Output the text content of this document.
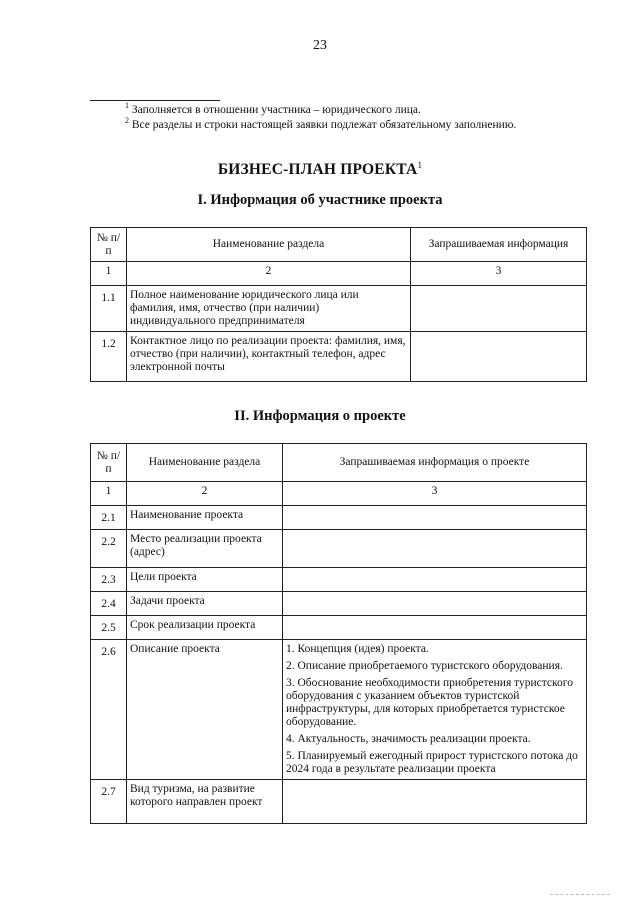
23
$^1$ Заполняется в отношении участника – юридического лица.
$^2$ Все разделы и строки настоящей заявки подлежат обязательному заполнению.
БИЗНЕС-ПЛАН ПРОЕКТА$^1$
I. Информация об участнике проекта
№ п/п	Наименование раздела	Запрашиваемая информация
1	2	3
1.1	Полное наименование юридического лица или фамилия, имя, отчество (при наличии) индивидуального предпринимателя	
1.2	Контактное лицо по реализации проекта: фамилия, имя, отчество (при наличии), контактный телефон, адрес электронной почты	
II. Информация о проекте
№ п/п	Наименование раздела	Запрашиваемая информация о проекте
1	2	3
2.1	Наименование проекта	
2.2	Место реализации проекта (адрес)	
2.3	Цели проекта	
2.4	Задачи проекта	
2.5	Срок реализации проекта	
2.6	Описание проекта	1. Концепция (идея) проекта.
2. Описание приобретаемого туристского оборудования.
3. Обоснование необходимости приобретения туристского оборудования с указанием объектов туристской инфраструктуры, для которых приобретается туристское оборудование.
4. Актуальность, значимость реализации проекта.
5. Планируемый ежегодный прирост туристского потока до 2024 года в результате реализации проекта

2.7	Вид туризма, на развитие которого направлен проект	
